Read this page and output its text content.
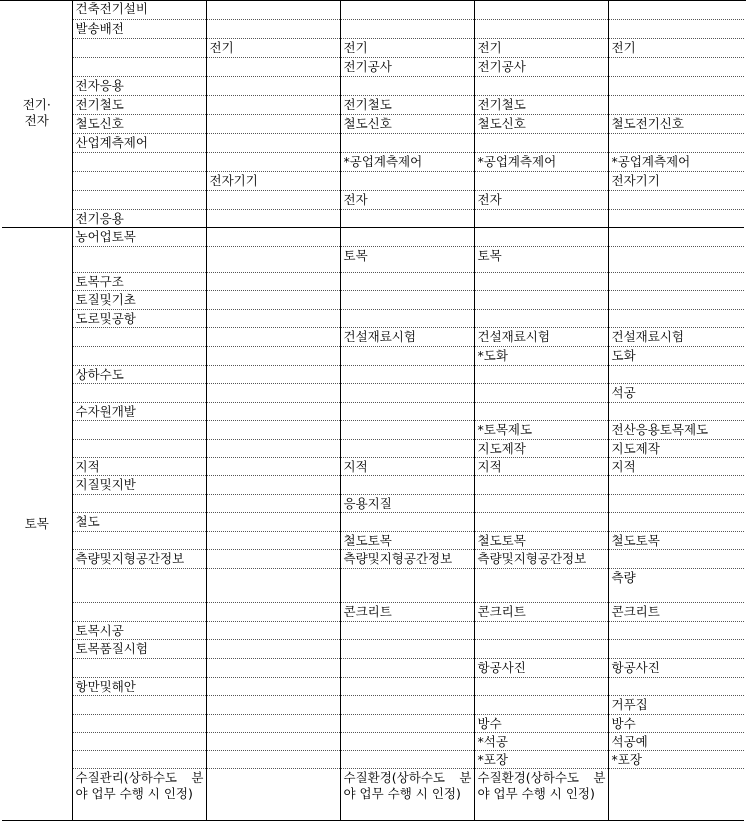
전기·
전자	건축전기설비				
	발송배전				
		전기	전기	전기	전기
			전기공사	전기공사	
	전자응용				
	전기철도		전기철도	전기철도	
	철도신호		철도신호	철도신호	철도전기신호
	산업계측제어				
			*공업계측제어	*공업계측제어	*공업계측제어
		전자기기			전자기기
			전자	전자	
	전기응용				
토목	농어업토목				
			토목	토목	
	토목구조				
	토질및기초				
	도로및공항				
			건설재료시험	건설재료시험	건설재료시험
				*도화	도화
	상하수도				
					석공
	수자원개발				
				*토목제도	전산응용토목제도
				지도제작	지도제작
	지적		지적	지적	지적
	지질및지반				
			응용지질		
	철도				
			철도토목	철도토목	철도토목
	측량및지형공간정보		측량및지형공간정보	측량및지형공간정보	
					측량
			콘크리트	콘크리트	콘크리트
	토목시공				
	토목품질시험				
				항공사진	항공사진
	항만및해안				
					거푸집
				방수	방수
				*석공	석공예
				*포장	*포장
	수질관리(상하수도 분야 업무 수행 시 인정)		수질환경(상하수도 분야 업무 수행 시 인정)	수질환경(상하수도 분야 업무 수행 시 인정)	
